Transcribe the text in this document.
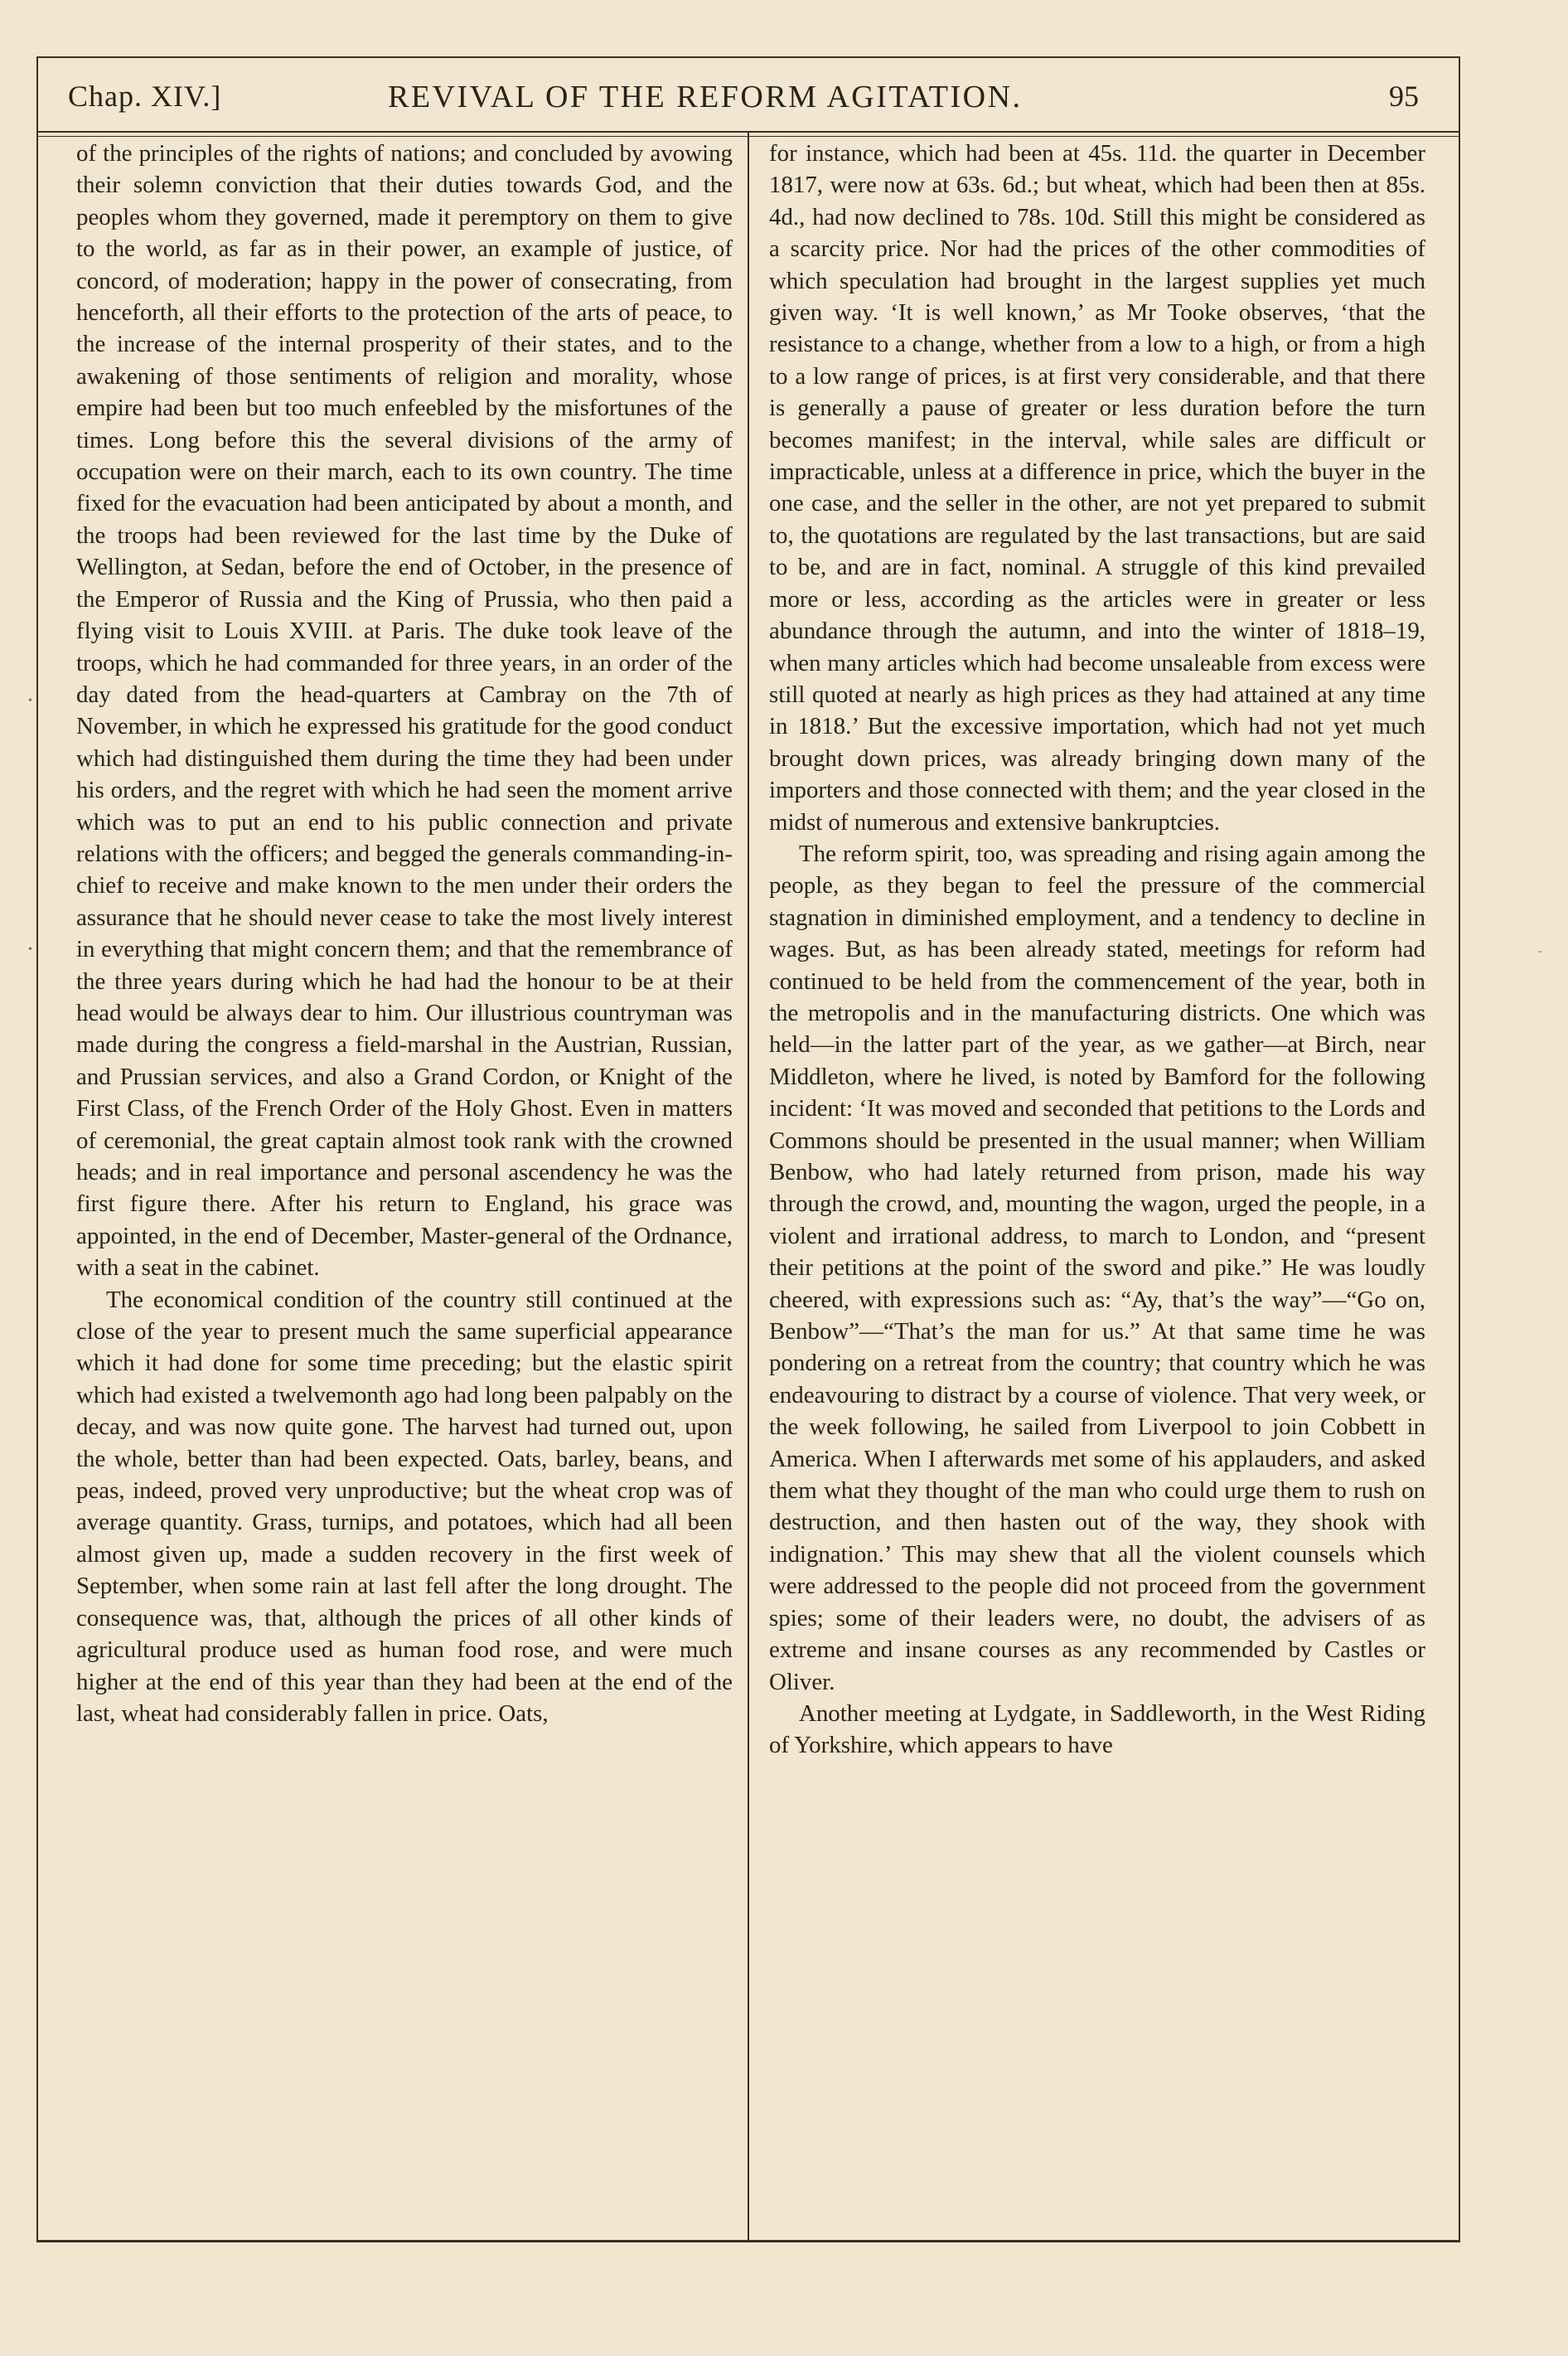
Chap. XIV.]	REVIVAL OF THE REFORM AGITATION.	95

of the principles of the rights of nations; and concluded by avowing their solemn conviction that their duties towards God, and the peoples whom they governed, made it peremptory on them to give to the world, as far as in their power, an example of justice, of concord, of moderation; happy in the power of consecrating, from henceforth, all their efforts to the protection of the arts of peace, to the increase of the internal prosperity of their states, and to the awakening of those sentiments of religion and morality, whose empire had been but too much enfeebled by the misfortunes of the times. Long before this the several divisions of the army of occupation were on their march, each to its own country. The time fixed for the evacuation had been anticipated by about a month, and the troops had been reviewed for the last time by the Duke of Wellington, at Sedan, before the end of October, in the presence of the Emperor of Russia and the King of Prussia, who then paid a flying visit to Louis XVIII. at Paris. The duke took leave of the troops, which he had commanded for three years, in an order of the day dated from the head-quarters at Cambray on the 7th of November, in which he expressed his gratitude for the good conduct which had distinguished them during the time they had been under his orders, and the regret with which he had seen the moment arrive which was to put an end to his public connection and private relations with the officers; and begged the generals commanding-in-chief to receive and make known to the men under their orders the assurance that he should never cease to take the most lively interest in everything that might concern them; and that the remembrance of the three years during which he had had the honour to be at their head would be always dear to him. Our illustrious countryman was made during the congress a field-marshal in the Austrian, Russian, and Prussian services, and also a Grand Cordon, or Knight of the First Class, of the French Order of the Holy Ghost. Even in matters of ceremonial, the great captain almost took rank with the crowned heads; and in real importance and personal ascendency he was the first figure there. After his return to England, his grace was appointed, in the end of December, Master-general of the Ordnance, with a seat in the cabinet.

The economical condition of the country still continued at the close of the year to present much the same superficial appearance which it had done for some time preceding; but the elastic spirit which had existed a twelvemonth ago had long been palpably on the decay, and was now quite gone. The harvest had turned out, upon the whole, better than had been expected. Oats, barley, beans, and peas, indeed, proved very unproductive; but the wheat crop was of average quantity. Grass, turnips, and potatoes, which had all been almost given up, made a sudden recovery in the first week of September, when some rain at last fell after the long drought. The consequence was, that, although the prices of all other kinds of agricultural produce used as human food rose, and were much higher at the end of this year than they had been at the end of the last, wheat had considerably fallen in price. Oats,

for instance, which had been at 45s. 11d. the quarter in December 1817, were now at 63s. 6d.; but wheat, which had been then at 85s. 4d., had now declined to 78s. 10d. Still this might be considered as a scarcity price. Nor had the prices of the other commodities of which speculation had brought in the largest supplies yet much given way. ‘It is well known,’ as Mr Tooke observes, ‘that the resistance to a change, whether from a low to a high, or from a high to a low range of prices, is at first very considerable, and that there is generally a pause of greater or less duration before the turn becomes manifest; in the interval, while sales are difficult or impracticable, unless at a difference in price, which the buyer in the one case, and the seller in the other, are not yet prepared to submit to, the quotations are regulated by the last transactions, but are said to be, and are in fact, nominal. A struggle of this kind prevailed more or less, according as the articles were in greater or less abundance through the autumn, and into the winter of 1818–19, when many articles which had become unsaleable from excess were still quoted at nearly as high prices as they had attained at any time in 1818.’ But the excessive importation, which had not yet much brought down prices, was already bringing down many of the importers and those connected with them; and the year closed in the midst of numerous and extensive bankruptcies.

The reform spirit, too, was spreading and rising again among the people, as they began to feel the pressure of the commercial stagnation in diminished employment, and a tendency to decline in wages. But, as has been already stated, meetings for reform had continued to be held from the commencement of the year, both in the metropolis and in the manufacturing districts. One which was held—in the latter part of the year, as we gather—at Birch, near Middleton, where he lived, is noted by Bamford for the following incident: ‘It was moved and seconded that petitions to the Lords and Commons should be presented in the usual manner; when William Benbow, who had lately returned from prison, made his way through the crowd, and, mounting the wagon, urged the people, in a violent and irrational address, to march to London, and “present their petitions at the point of the sword and pike.” He was loudly cheered, with expressions such as: “Ay, that’s the way”—“Go on, Benbow”—“That’s the man for us.” At that same time he was pondering on a retreat from the country; that country which he was endeavouring to distract by a course of violence. That very week, or the week following, he sailed from Liverpool to join Cobbett in America. When I afterwards met some of his applauders, and asked them what they thought of the man who could urge them to rush on destruction, and then hasten out of the way, they shook with indignation.’ This may shew that all the violent counsels which were addressed to the people did not proceed from the government spies; some of their leaders were, no doubt, the advisers of as extreme and insane courses as any recommended by Castles or Oliver.

Another meeting at Lydgate, in Saddleworth, in the West Riding of Yorkshire, which appears to have

•
•	-
